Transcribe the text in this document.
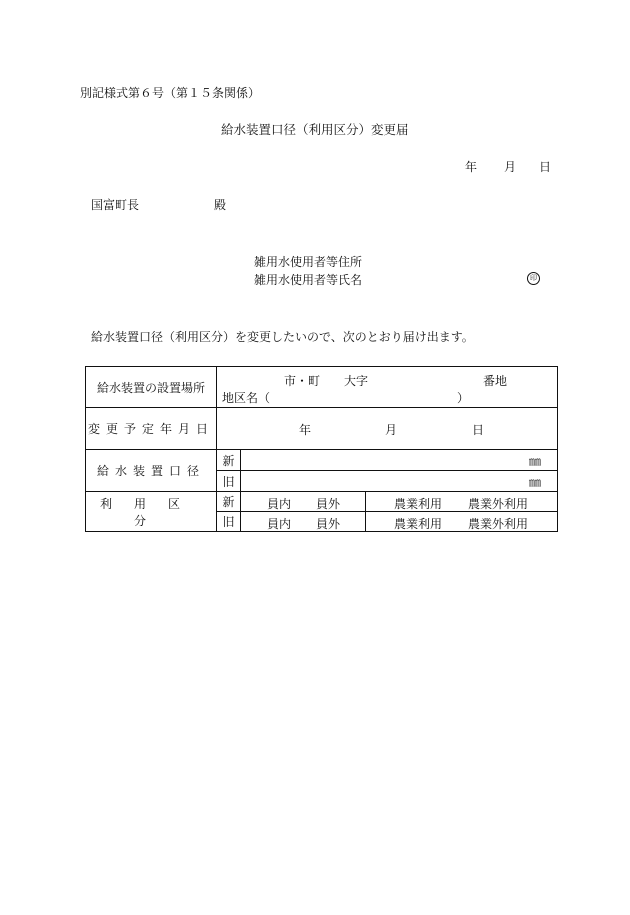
別記様式第６号（第１５条関係）
給水装置口径（利用区分）変更届
年 月 日
国富町長	殿
雑用水使用者等住所
雑用水使用者等氏名	印
給水装置口径（利用区分）を変更したいので、次のとおり届け出ます。
給水装置の設置場所	市・町 大字 番地
地区名（ ）		

変更予定年月日	年 月 日		

給水装置口径	新	㎜	
	旧	㎜	
利用区分	新	員内 員外	農業利用 農業外利用

	旧	員内 員外	農業利用 農業外利用
